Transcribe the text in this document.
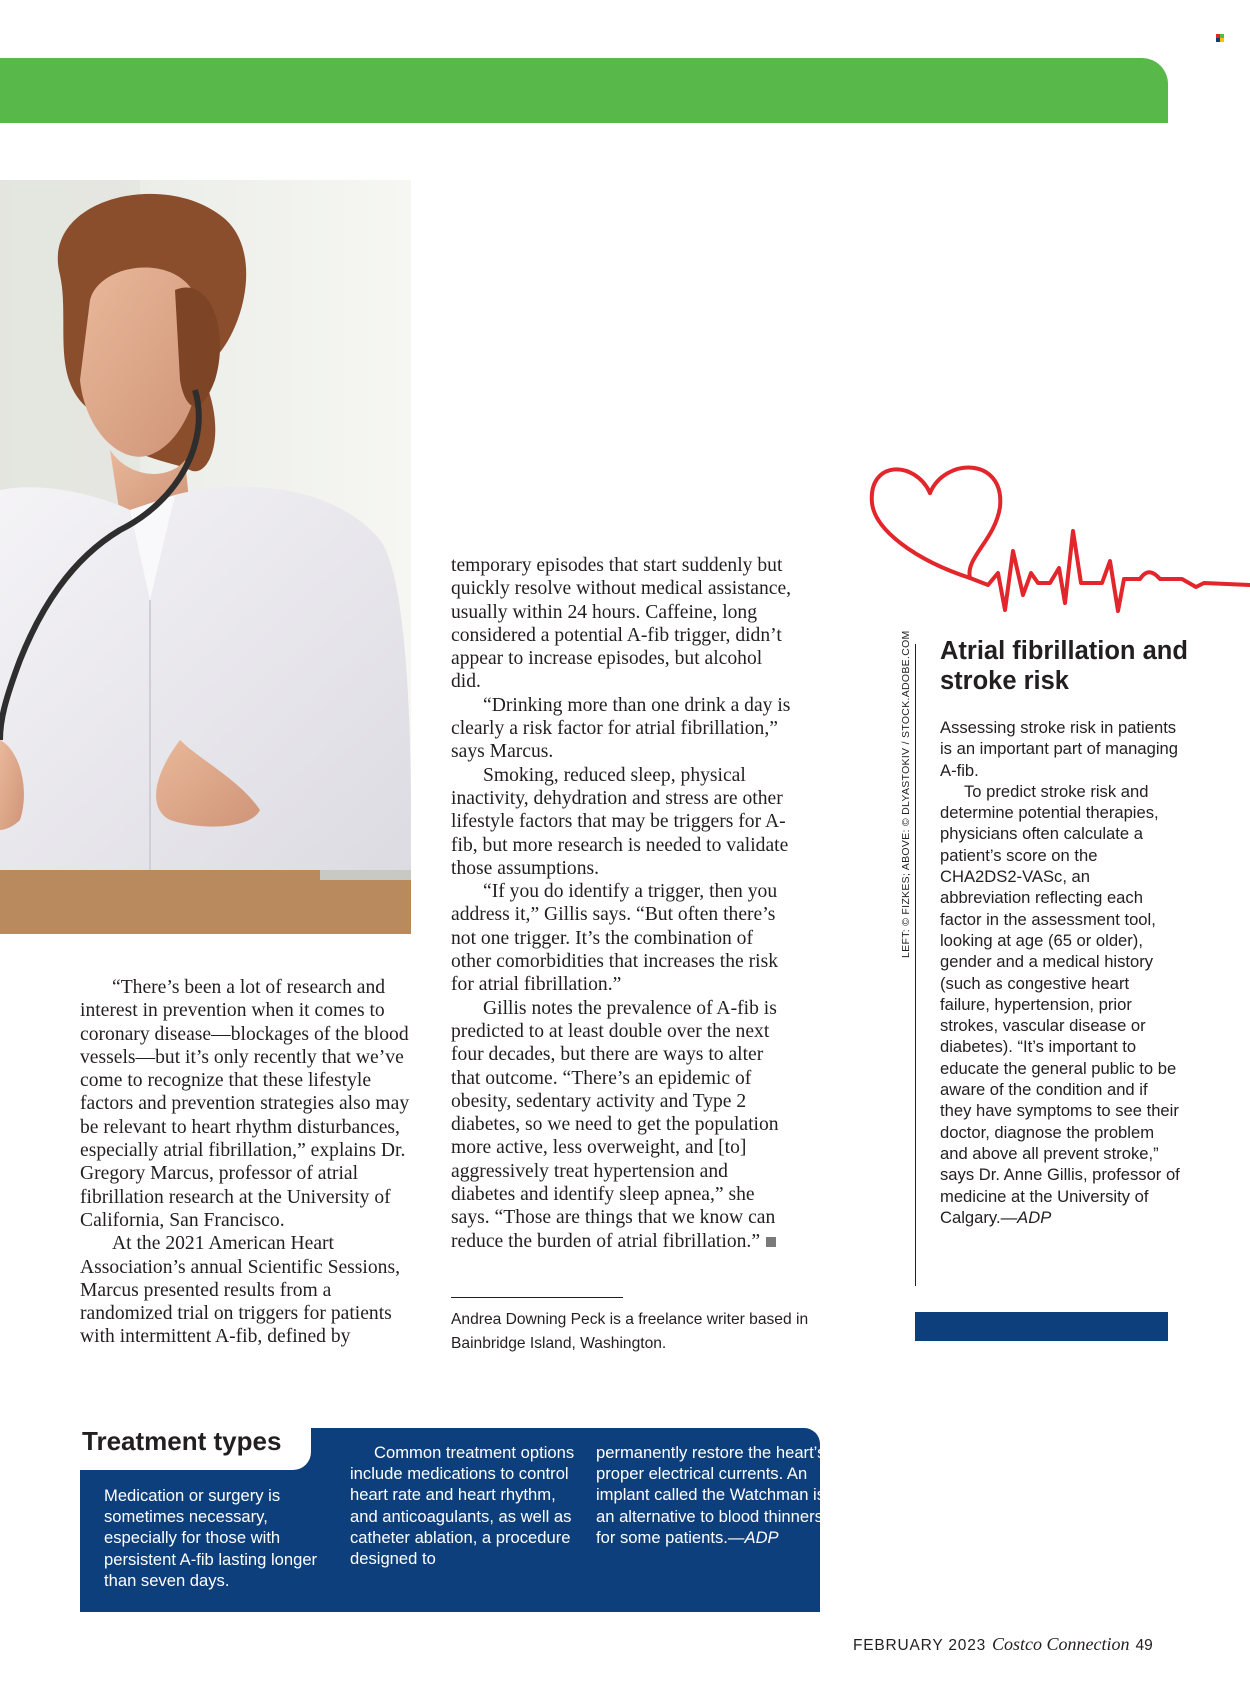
“There’s been a lot of research and interest in prevention when it comes to coronary disease—blockages of the blood vessels—but it’s only recently that we’ve come to recognize that these lifestyle factors and prevention strategies also may be relevant to heart rhythm disturbances, especially atrial fibrillation,” explains Dr. Gregory Marcus, professor of atrial fibrillation research at the University of California, San Francisco.

At the 2021 American Heart Association’s annual Scientific Sessions, Marcus presented results from a randomized trial on triggers for patients with intermittent A-fib, defined by

temporary episodes that start suddenly but quickly resolve without medical assistance, usually within 24 hours. Caffeine, long considered a potential A-fib trigger, didn’t appear to increase episodes, but alcohol did.

“Drinking more than one drink a day is clearly a risk factor for atrial fibrillation,” says Marcus.

Smoking, reduced sleep, physical inactivity, dehydration and stress are other lifestyle factors that may be triggers for A-fib, but more research is needed to validate those assumptions.

“If you do identify a trigger, then you address it,” Gillis says. “But often there’s not one trigger. It’s the combination of other comorbidities that increases the risk for atrial fibrillation.”

Gillis notes the prevalence of A-fib is predicted to at least double over the next four decades, but there are ways to alter that outcome. “There’s an epidemic of obesity, sedentary activity and Type 2 diabetes, so we need to get the population more active, less overweight, and [to] aggressively treat hypertension and diabetes and identify sleep apnea,” she says. “Those are things that we know can reduce the burden of atrial fibrillation.”

Andrea Downing Peck is a freelance writer based in Bainbridge Island, Washington.
LEFT: © FIZKES; ABOVE: © DLYASTOKIV / STOCK.ADOBE.COM Atrial fibrillation and stroke risk

Assessing stroke risk in patients is an important part of managing A-fib.

To predict stroke risk and determine potential therapies, physicians often calculate a patient’s score on the CHA2DS2-VASc, an abbreviation reflecting each factor in the assessment tool, looking at age (65 or older), gender and a medical history (such as congestive heart failure, hypertension, prior strokes, vascular disease or diabetes). “It’s important to educate the general public to be aware of the condition and if they have symptoms to see their doctor, diagnose the problem and above all prevent stroke,” says Dr. Anne Gillis, professor of medicine at the University of Calgary.—ADP

Treatment types

Medication or surgery is sometimes necessary, especially for those with persistent A-fib lasting longer than seven days.

Common treatment options include medications to control heart rate and heart rhythm, and anticoagulants, as well as catheter ablation, a procedure designed to

permanently restore the heart’s proper electrical currents. An implant called the Watchman is an alternative to blood thinners for some patients.—ADP

FEBRUARY 2023 Costco Connection 49
